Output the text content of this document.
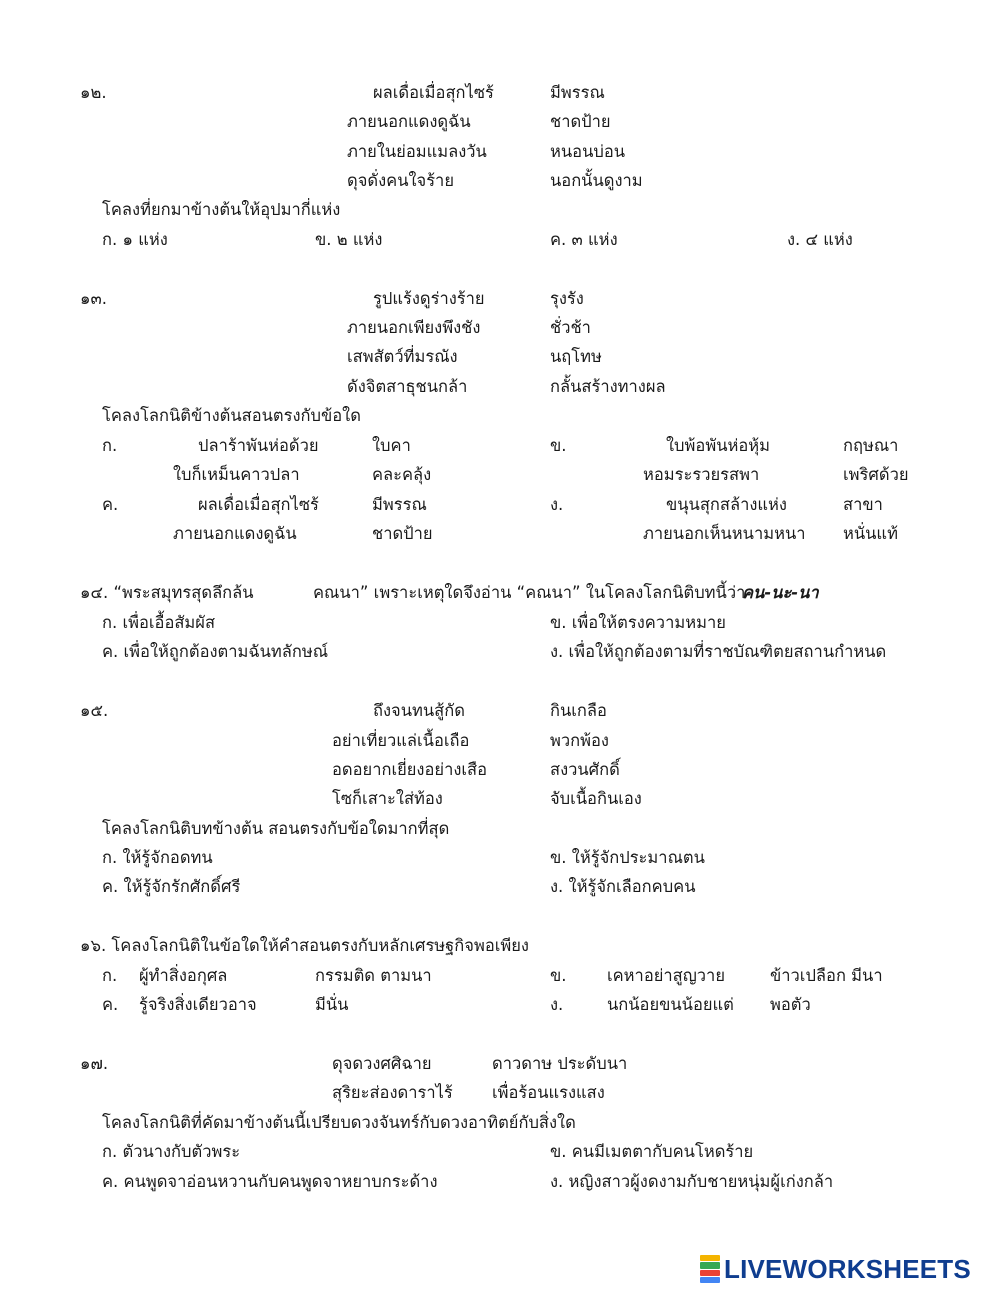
๑๒.	ผลเดื่อเมื่อสุกไซร้	มีพรรณ
ภายนอกแดงดูฉัน	ชาดป้าย
ภายในย่อมแมลงวัน	หนอนบ่อน
ดุจดั่งคนใจร้าย	นอกนั้นดูงาม
โคลงที่ยกมาข้างต้นให้อุปมากี่แห่ง
ก. ๑ แห่ง	ข. ๒ แห่ง	ค. ๓ แห่ง	ง. ๔ แห่ง
๑๓.	รูปแร้งดูร่างร้าย	รุงรัง
ภายนอกเพียงพึงชัง	ชั่วช้า
เสพสัตว์ที่มรณัง	นฤโทษ
ดังจิตสาธุชนกล้า	กลั้นสร้างทางผล
โคลงโลกนิติข้างต้นสอนตรงกับข้อใด
ก.	ปลาร้าพันห่อด้วย	ใบคา
ใบก็เหม็นคาวปลา	คละคลุ้ง
ข.	ใบพ้อพันห่อหุ้ม	กฤษณา
หอมระรวยรสพา	เพริศด้วย
ค.	ผลเดื่อเมื่อสุกไซร้	มีพรรณ
ภายนอกแดงดูฉัน	ชาดป้าย
ง.	ขนุนสุกสล้างแห่ง	สาขา
ภายนอกเห็นหนามหนา หนั่นแท้
๑๔. “พระสมุทรสุดลึกล้น	คณนา” เพราะเหตุใดจึงอ่าน “คณนา” ในโคลงโลกนิติบทนี้ว่า
คน-นะ-นา
ก. เพื่อเอื้อสัมผัส	ข. เพื่อให้ตรงความหมาย
ค. เพื่อให้ถูกต้องตามฉันทลักษณ์	ง. เพื่อให้ถูกต้องตามที่ราชบัณฑิตยสถานกำหนด
๑๕.	ถึงจนทนสู้กัด	กินเกลือ
อย่าเที่ยวแล่เนื้อเถือ	พวกพ้อง
อดอยากเยี่ยงอย่างเสือ	สงวนศักดิ์
โซก็เสาะใส่ท้อง	จับเนื้อกินเอง
โคลงโลกนิติบทข้างต้น สอนตรงกับข้อใดมากที่สุด
ก. ให้รู้จักอดทน	ข. ให้รู้จักประมาณตน
ค. ให้รู้จักรักศักดิ์ศรี	ง. ให้รู้จักเลือกคบคน
๑๖. โคลงโลกนิติในข้อใดให้คำสอนตรงกับหลักเศรษฐกิจพอเพียง
ก. ผู้ทำสิ่งอกุศล	กรรมติด ตามนา	ข. เคหาอย่าสูญวาย	ข้าวเปลือก มีนา
ค. รู้จริงสิ่งเดียวอาจ	มีนั่น	ง.	นกน้อยขนน้อยแต่ พอตัว
๑๗.	ดุจดวงศศิฉาย	ดาวดาษ ประดับนา
สุริยะส่องดาราไร้ เพื่อร้อนแรงแสง
โคลงโลกนิติที่คัดมาข้างต้นนี้เปรียบดวงจันทร์กับดวงอาทิตย์กับสิ่งใด
ก. ตัวนางกับตัวพระ	ข. คนมีเมตตากับคนโหดร้าย
ค. คนพูดจาอ่อนหวานกับคนพูดจาหยาบกระด้าง	ง. หญิงสาวผู้งดงามกับชายหนุ่มผู้เก่งกล้า
LIVEWORKSHEETS
